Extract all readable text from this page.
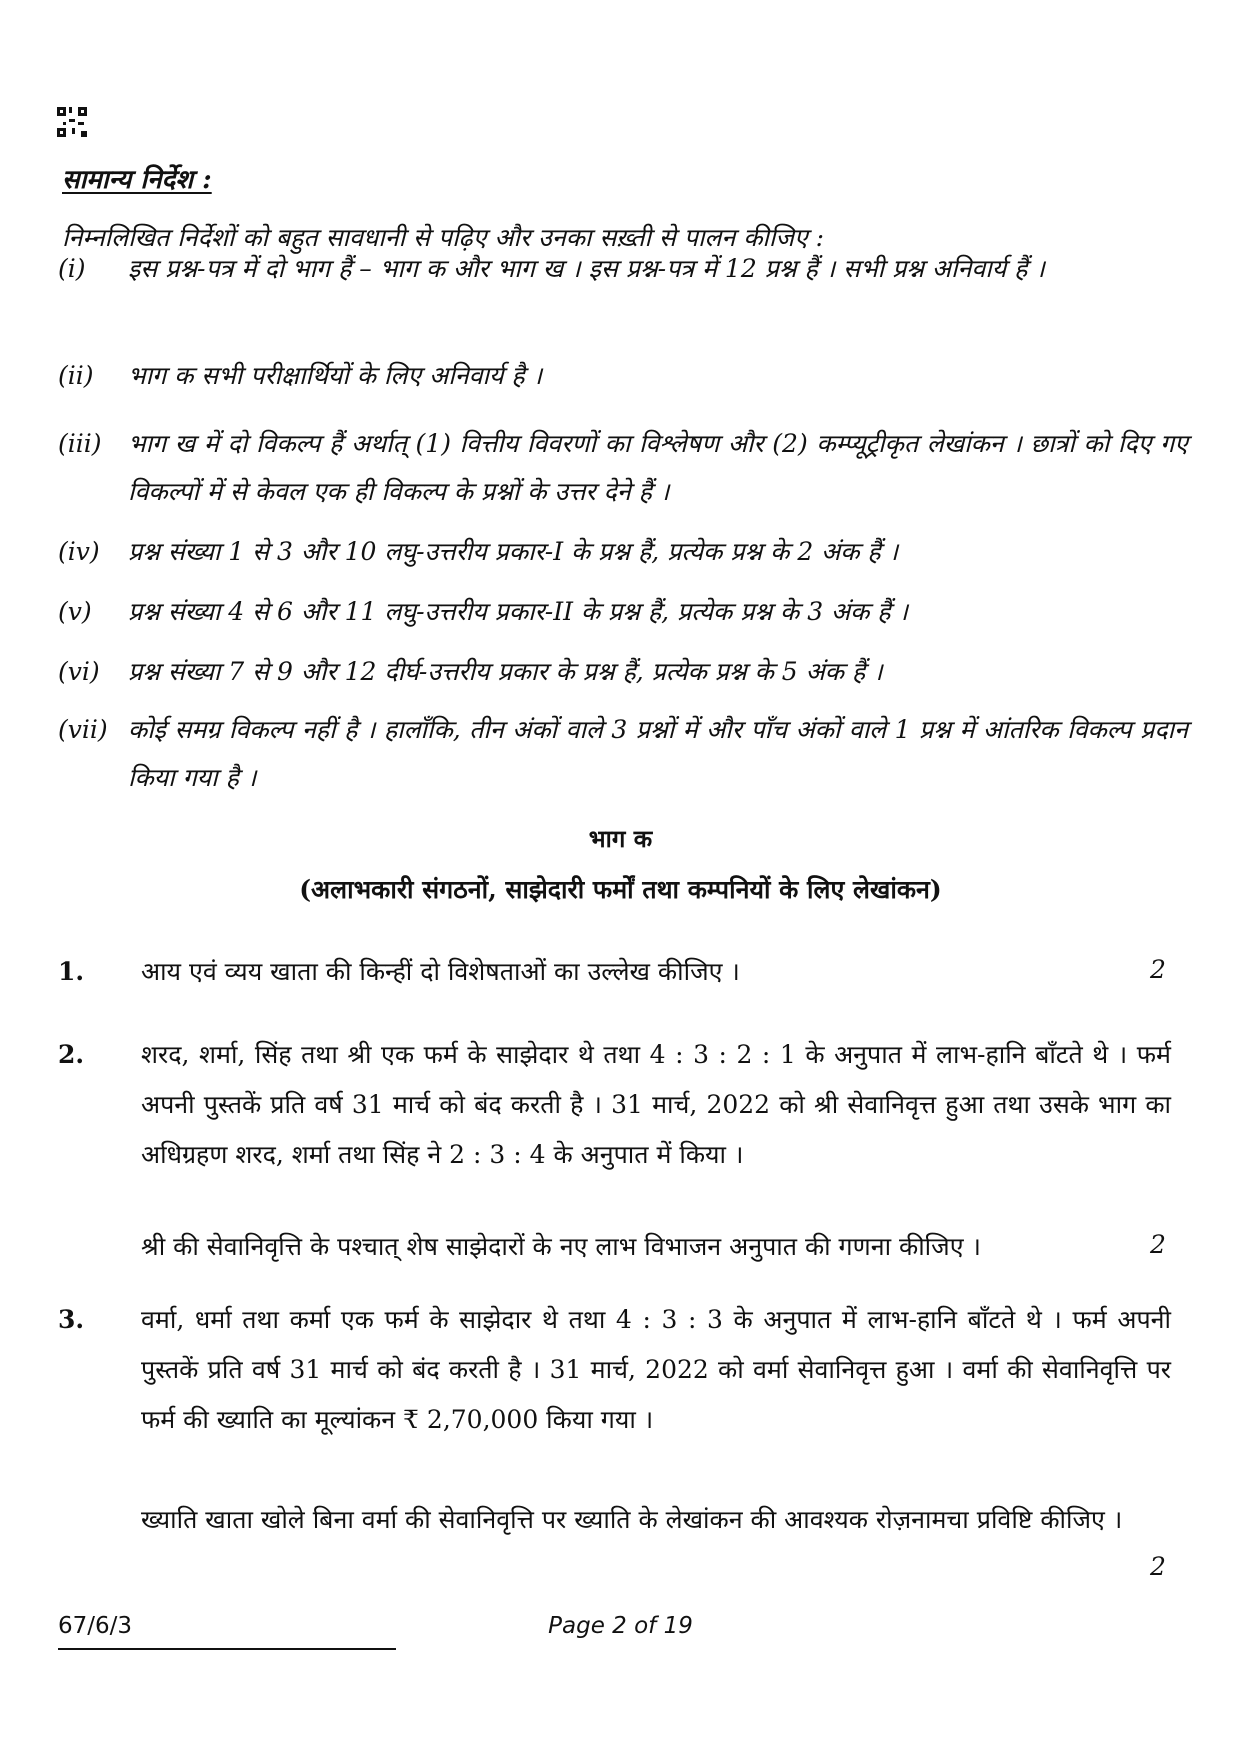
सामान्य निर्देश :
निम्नलिखित निर्देशों को बहुत सावधानी से पढ़िए और उनका सख़्ती से पालन कीजिए :
(i)	इस प्रश्न-पत्र में दो भाग हैं – भाग क और भाग ख । इस प्रश्न-पत्र में 12 प्रश्न हैं । सभी प्रश्न अनिवार्य हैं ।
(ii)	भाग क सभी परीक्षार्थियों के लिए अनिवार्य है ।
(iii)	भाग ख में दो विकल्प हैं अर्थात् (1) वित्तीय विवरणों का विश्लेषण और (2) कम्प्यूट्रीकृत लेखांकन । छात्रों को दिए गए विकल्पों में से केवल एक ही विकल्प के प्रश्नों के उत्तर देने हैं ।
(iv)	प्रश्न संख्या 1 से 3 और 10 लघु-उत्तरीय प्रकार-I के प्रश्न हैं, प्रत्येक प्रश्न के 2 अंक हैं ।
(v)	प्रश्न संख्या 4 से 6 और 11 लघु-उत्तरीय प्रकार-II के प्रश्न हैं, प्रत्येक प्रश्न के 3 अंक हैं ।
(vi)	प्रश्न संख्या 7 से 9 और 12 दीर्घ-उत्तरीय प्रकार के प्रश्न हैं, प्रत्येक प्रश्न के 5 अंक हैं ।
(vii) कोई समग्र विकल्प नहीं है । हालाँकि, तीन अंकों वाले 3 प्रश्नों में और पाँच अंकों वाले 1 प्रश्न में आंतरिक विकल्प प्रदान किया गया है ।
भाग क
(अलाभकारी संगठनों, साझेदारी फर्मों तथा कम्पनियों के लिए लेखांकन)
1.	आय एवं व्यय खाता की किन्हीं दो विशेषताओं का उल्लेख कीजिए ।	2
2.	शरद, शर्मा, सिंह तथा श्री एक फर्म के साझेदार थे तथा 4 : 3 : 2 : 1 के अनुपात में लाभ-हानि बाँटते थे । फर्म अपनी पुस्तकें प्रति वर्ष 31 मार्च को बंद करती है । 31 मार्च, 2022 को श्री सेवानिवृत्त हुआ तथा उसके भाग का अधिग्रहण शरद, शर्मा तथा सिंह ने 2 : 3 : 4 के अनुपात में किया ।
श्री की सेवानिवृत्ति के पश्चात् शेष साझेदारों के नए लाभ विभाजन अनुपात की गणना कीजिए ।	2
3.	वर्मा, धर्मा तथा कर्मा एक फर्म के साझेदार थे तथा 4 : 3 : 3 के अनुपात में लाभ-हानि बाँटते थे । फर्म अपनी पुस्तकें प्रति वर्ष 31 मार्च को बंद करती है । 31 मार्च, 2022 को वर्मा सेवानिवृत्त हुआ । वर्मा की सेवानिवृत्ति पर फर्म की ख्याति का मूल्यांकन ₹ 2,70,000 किया गया ।
ख्याति खाता खोले बिना वर्मा की सेवानिवृत्ति पर ख्याति के लेखांकन की आवश्यक रोज़नामचा प्रविष्टि कीजिए ।
2
67/6/3	Page 2 of 19
